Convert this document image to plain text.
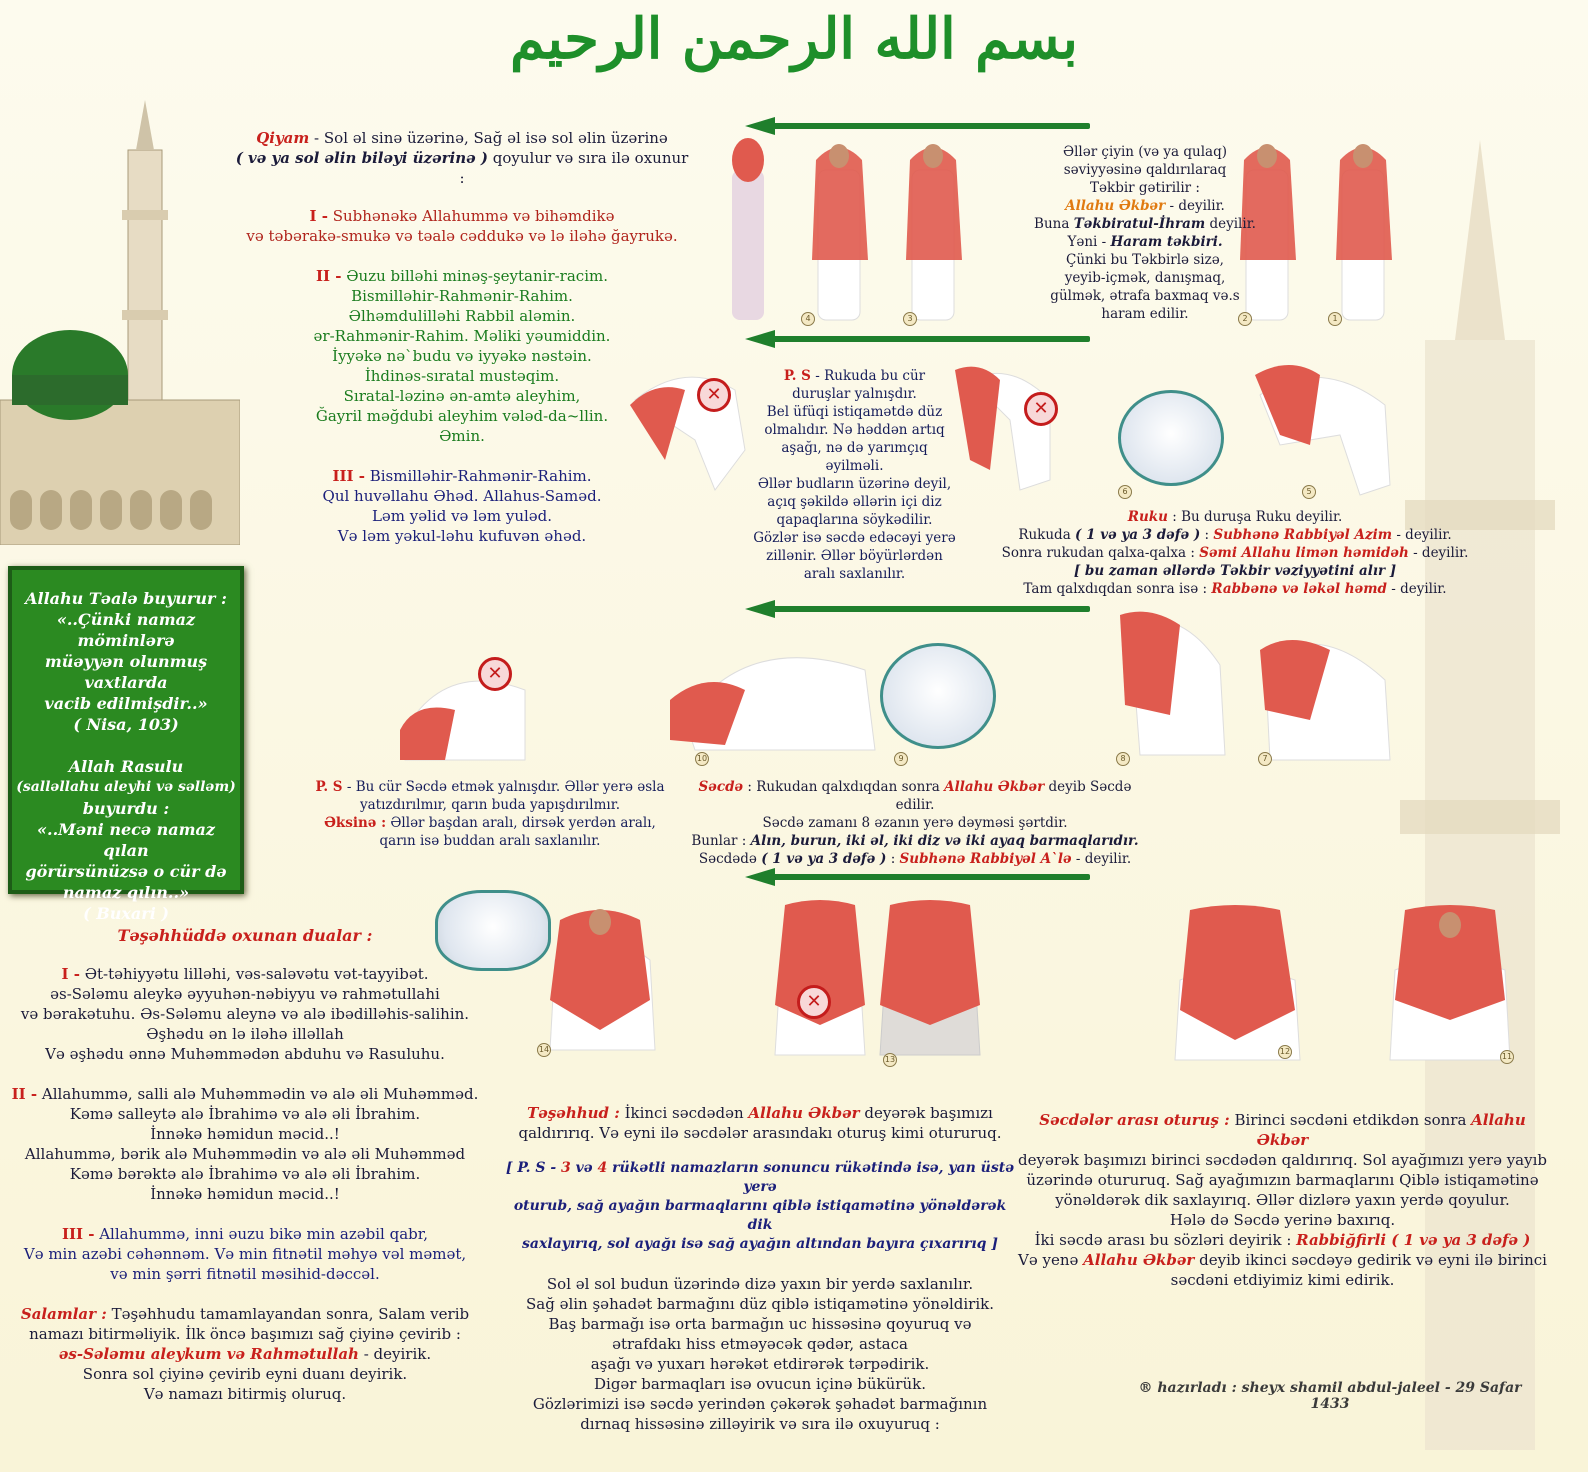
بسم الله الرحمن الرحيم
4	3	2	1
✕
✕
6	5
✕
10	9	8	7
14
✕
13
12
11
Qiyam - Sol əl sinə üzərinə, Sağ əl isə sol əlin üzərinə
( və ya sol əlin biləyi üzərinə ) qoyulur və sıra ilə oxunur :
I - Subhənəkə Allahummə və bihəmdikə
və təbərakə-smukə və təalə cəddukə və lə iləhə ğayrukə.
II - Əuzu billəhi minəş-şeytanir-racim.
Bismilləhir-Rahmənir-Rahim.
Əlhəmdulilləhi Rabbil aləmin.
ər-Rahmənir-Rahim. Məliki yəumiddin.
İyyəkə nə`budu və iyyəkə nəstəin.
İhdinəs-sıratal mustəqim.
Sıratal-ləzinə ən-amtə aleyhim,
Ğayril məğdubi aleyhim vələd-da~llin.
Əmin.
III - Bismilləhir-Rahmənir-Rahim.
Qul huvəllahu Əhəd. Allahus-Saməd.
Ləm yəlid və ləm yuləd.
Və ləm yəkul-ləhu kufuvən əhəd.
Əllər çiyin (və ya qulaq)
səviyyəsinə qaldırılaraq
Təkbir gətirilir :
Allahu Əkbər - deyilir.
Buna Təkbiratul-İhram deyilir.
Yəni - Haram təkbiri.
Çünki bu Təkbirlə sizə,
yeyib-içmək, danışmaq,
gülmək, ətrafa baxmaq və.s
haram edilir.
P. S - Rukuda bu cür
duruşlar yalnışdır.
Bel üfüqi istiqamətdə düz
olmalıdır. Nə həddən artıq
aşağı, nə də yarımçıq
əyilməli.
Əllər budların üzərinə deyil,
açıq şəkildə əllərin içi diz
qapaqlarına söykədilir.
Gözlər isə səcdə edəcəyi yerə
zillənir. Əllər böyürlərdən
aralı saxlanılır.
Ruku : Bu duruşa Ruku deyilir.
Rukuda ( 1 və ya 3 dəfə ) : Subhənə Rabbiyəl Azim - deyilir.
Sonra rukudan qalxa-qalxa : Səmi Allahu limən həmidəh - deyilir.
[ bu zaman əllərdə Təkbir vəziyyətini alır ]
Tam qalxdıqdan sonra isə : Rabbənə və ləkəl həmd - deyilir.
Allahu Təalə buyurur :
«..Çünki namaz möminlərə
müəyyən olunmuş vaxtlarda
vacib edilmişdir..»
( Nisa, 103)
Allah Rasulu
(salləllahu aleyhi və səlləm)
buyurdu :
«..Məni necə namaz qılan
görürsünüzsə o cür də
namaz qılın..»
( Buxari )
P. S - Bu cür Səcdə etmək yalnışdır. Əllər yerə əsla
yatızdırılmır, qarın buda yapışdırılmır.
Əksinə : Əllər başdan aralı, dirsək yerdən aralı,
qarın isə buddan aralı saxlanılır.
Səcdə : Rukudan qalxdıqdan sonra Allahu Əkbər deyib Səcdə edilir.
Səcdə zamanı 8 əzanın yerə dəyməsi şərtdir.
Bunlar : Alın, burun, iki əl, iki diz və iki ayaq barmaqlarıdır.
Səcdədə ( 1 və ya 3 dəfə ) : Subhənə Rabbiyəl A`lə - deyilir.
Təşəhhüddə oxunan dualar :
I - Ət-təhiyyətu lilləhi, vəs-saləvətu vət-tayyibət.
əs-Sələmu aleykə əyyuhən-nəbiyyu və rahmətullahi
və bərakətuhu. Əs-Sələmu aleynə və alə ibədilləhis-salihin.
Əşhədu ən lə iləhə illəllah
Və əşhədu ənnə Muhəmmədən abduhu və Rasuluhu.
II - Allahummə, salli alə Muhəmmədin və alə əli Muhəmməd.
Kəmə salleytə alə İbrahimə və alə əli İbrahim.
İnnəkə həmidun məcid..!
Allahummə, bərik alə Muhəmmədin və alə əli Muhəmməd
Kəmə bərəktə alə İbrahimə və alə əli İbrahim.
İnnəkə həmidun məcid..!
III - Allahummə, inni əuzu bikə min azəbil qabr,
Və min azəbi cəhənnəm. Və min fitnətil məhyə vəl məmət,
və min şərri fitnətil məsihid-dəccəl.
Salamlar : Təşəhhudu tamamlayandan sonra, Salam verib
namazı bitirməliyik. İlk öncə başımızı sağ çiyinə çevirib :
əs-Sələmu aleykum və Rahmətullah - deyirik.
Sonra sol çiyinə çevirib eyni duanı deyirik.
Və namazı bitirmiş oluruq.
Təşəhhud : İkinci səcdədən Allahu Əkbər deyərək başımızı
qaldırırıq. Və eyni ilə səcdələr arasındakı oturuş kimi otururuq.
[ P. S - 3 və 4 rükətli namazların sonuncu rükətində isə, yan üstə yerə
oturub, sağ ayağın barmaqlarını qiblə istiqamətinə yönəldərək dik
saxlayırıq, sol ayağı isə sağ ayağın altından bayıra çıxarırıq ]
Sol əl sol budun üzərində dizə yaxın bir yerdə saxlanılır.
Sağ əlin şəhadət barmağını düz qiblə istiqamətinə yönəldirik.
Baş barmağı isə orta barmağın uc hissəsinə qoyuruq və
ətrafdakı hiss etməyəcək qədər, astaca
aşağı və yuxarı hərəkət etdirərək tərpədirik.
Digər barmaqları isə ovucun içinə bükürük.
Gözlərimizi isə səcdə yerindən çəkərək şəhadət barmağının
dırnaq hissəsinə zilləyirik və sıra ilə oxuyuruq :
Səcdələr arası oturuş : Birinci səcdəni etdikdən sonra Allahu Əkbər
deyərək başımızı birinci səcdədən qaldırırıq. Sol ayağımızı yerə yayıb
üzərində otururuq. Sağ ayağımızın barmaqlarını Qiblə istiqamətinə
yönəldərək dik saxlayırıq. Əllər dizlərə yaxın yerdə qoyulur.
Hələ də Səcdə yerinə baxırıq.
İki səcdə arası bu sözləri deyirik : Rabbiğfirli ( 1 və ya 3 dəfə )
Və yenə Allahu Əkbər deyib ikinci səcdəyə gedirik və eyni ilə birinci
səcdəni etdiyimiz kimi edirik.
® hazırladı : sheyx shamil abdul-jaleel - 29 Safar 1433
